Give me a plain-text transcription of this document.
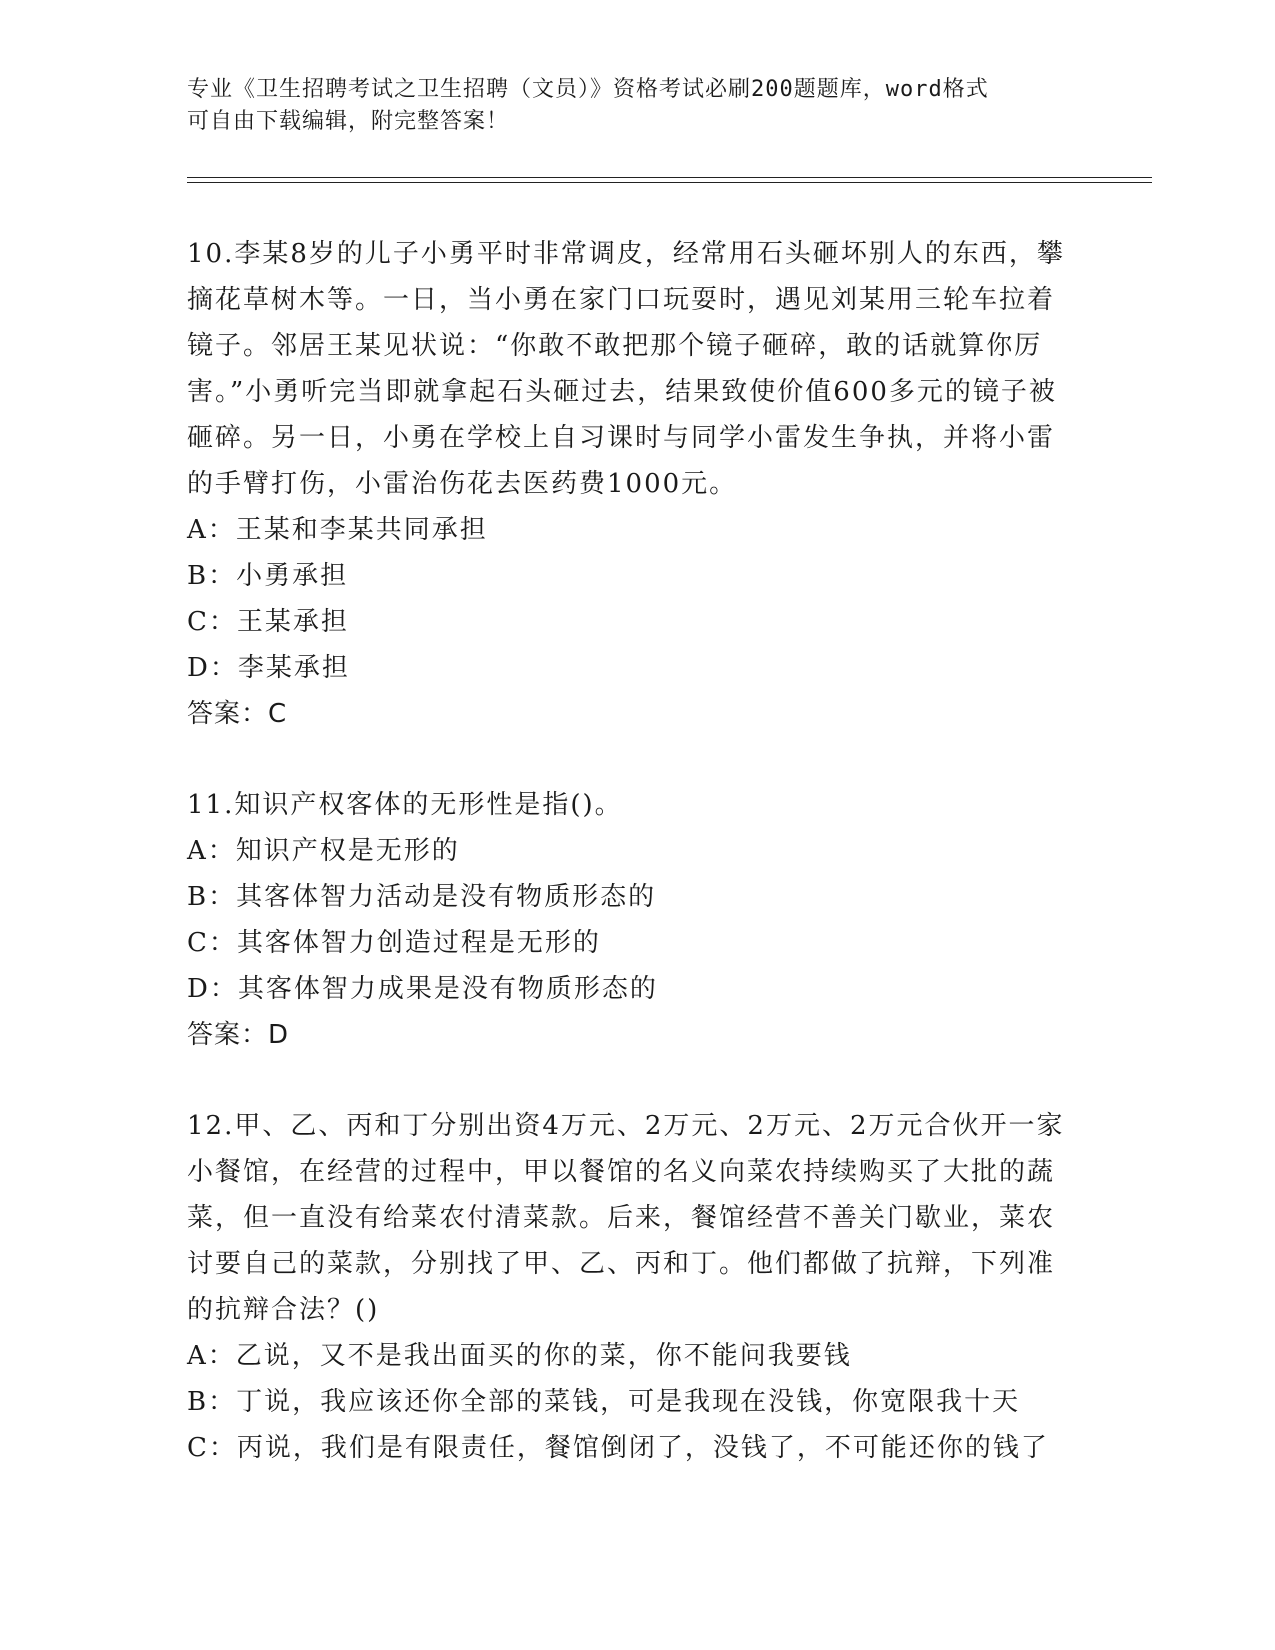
专业《卫生招聘考试之卫生招聘（文员）》资格考试必刷200题题库，word格式
可自由下载编辑，附完整答案！

10.李某8岁的儿子小勇平时非常调皮，经常用石头砸坏别人的东西，攀摘花草树木等。一日，当小勇在家门口玩耍时，遇见刘某用三轮车拉着镜子。邻居王某见状说：“你敢不敢把那个镜子砸碎，敢的话就算你厉害。”小勇听完当即就拿起石头砸过去，结果致使价值600多元的镜子被砸碎。另一日，小勇在学校上自习课时与同学小雷发生争执，并将小雷的手臂打伤，小雷治伤花去医药费1000元。

A：王某和李某共同承担

B：小勇承担

C：王某承担

D：李某承担

答案：C

11.知识产权客体的无形性是指()。

A：知识产权是无形的

B：其客体智力活动是没有物质形态的

C：其客体智力创造过程是无形的

D：其客体智力成果是没有物质形态的

答案：D

12.甲、乙、丙和丁分别出资4万元、2万元、2万元、2万元合伙开一家小餐馆，在经营的过程中，甲以餐馆的名义向菜农持续购买了大批的蔬菜，但一直没有给菜农付清菜款。后来，餐馆经营不善关门歇业，菜农讨要自己的菜款，分别找了甲、乙、丙和丁。他们都做了抗辩，下列准的抗辩合法？()

A：乙说，又不是我出面买的你的菜，你不能问我要钱

B：丁说，我应该还你全部的菜钱，可是我现在没钱，你宽限我十天

C：丙说，我们是有限责任，餐馆倒闭了，没钱了，不可能还你的钱了
